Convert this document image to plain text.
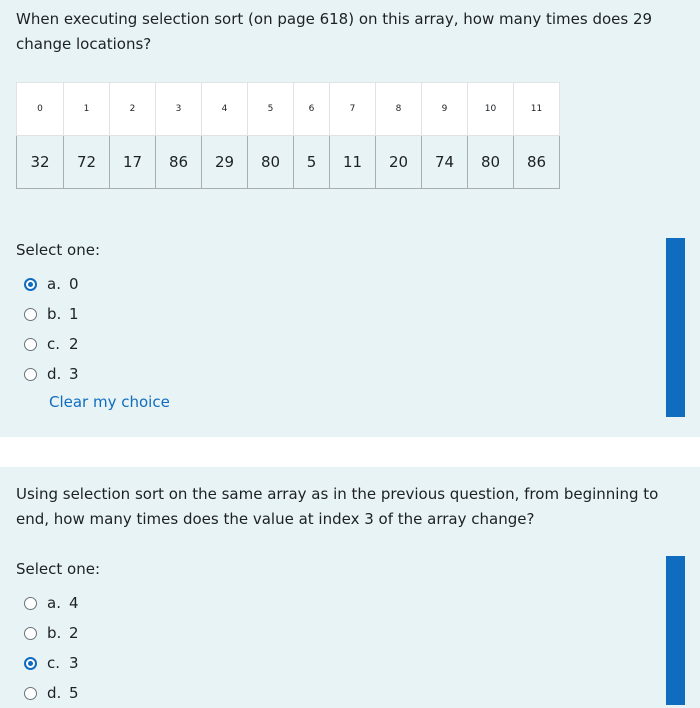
When executing selection sort (on page 618) on this array, how many times does 29 change locations?
0	1	2	3	4	5	6	7	8	9	10	11
32	72	17	86	29	80	5	11	20	74	80	86
Select one:
a. 0
b. 1
c. 2
d. 3
Clear my choice
Using selection sort on the same array as in the previous question, from beginning to end, how many times does the value at index 3 of the array change?
Select one:
a. 4
b. 2
c. 3
d. 5
